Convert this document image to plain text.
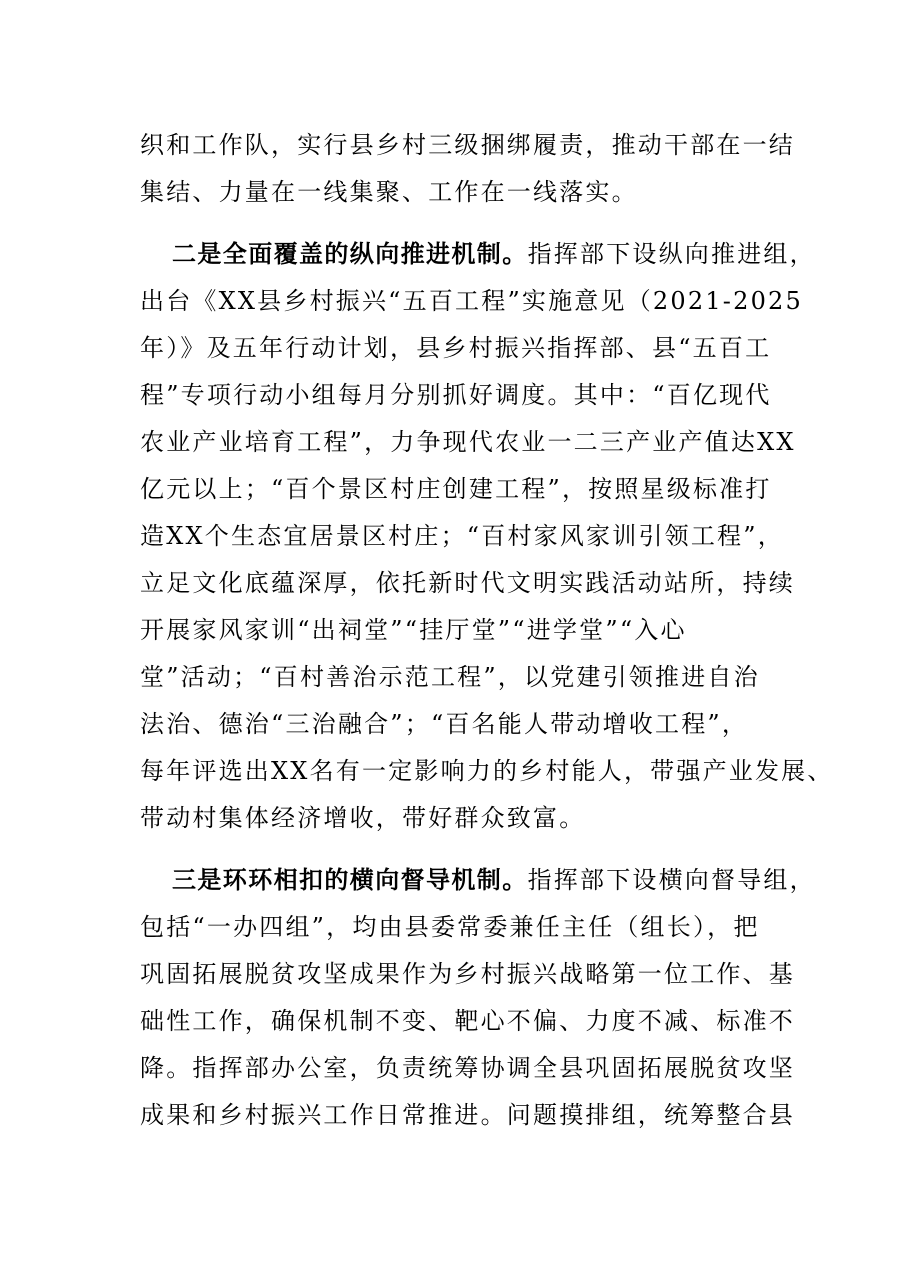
织和工作队，实行县乡村三级捆绑履责，推动干部在一结
集结、力量在一线集聚、工作在一线落实。
二是全面覆盖的纵向推进机制。指挥部下设纵向推进组，
出台《XX县乡村振兴“五百工程”实施意见（2021-2025
年）》及五年行动计划，县乡村振兴指挥部、县“五百工
程”专项行动小组每月分别抓好调度。其中：“百亿现代
农业产业培育工程”，力争现代农业一二三产业产值达XX
亿元以上；“百个景区村庄创建工程”，按照星级标准打
造XX个生态宜居景区村庄；“百村家风家训引领工程”，
立足文化底蕴深厚，依托新时代文明实践活动站所，持续
开展家风家训“出祠堂”“挂厅堂”“进学堂”“入心
堂”活动；“百村善治示范工程”，以党建引领推进自治
法治、德治“三治融合”；“百名能人带动增收工程”，
每年评选出XX名有一定影响力的乡村能人，带强产业发展、
带动村集体经济增收，带好群众致富。
三是环环相扣的横向督导机制。指挥部下设横向督导组，
包括“一办四组”，均由县委常委兼任主任（组长），把
巩固拓展脱贫攻坚成果作为乡村振兴战略第一位工作、基
础性工作，确保机制不变、靶心不偏、力度不减、标准不
降。指挥部办公室，负责统筹协调全县巩固拓展脱贫攻坚
成果和乡村振兴工作日常推进。问题摸排组，统筹整合县
